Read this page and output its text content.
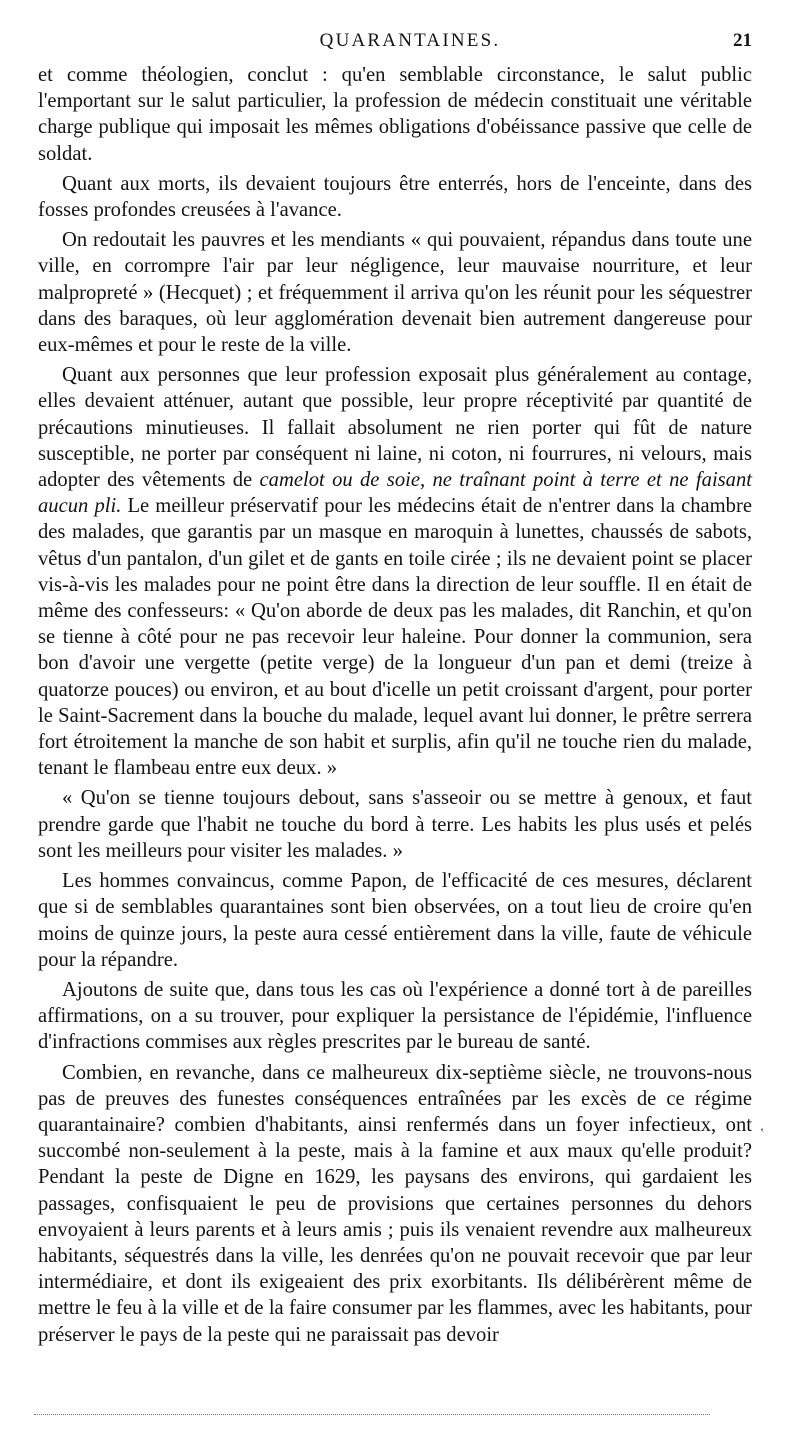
QUARANTAINES.	21

et comme théologien, conclut : qu'en semblable circonstance, le salut public l'emportant sur le salut particulier, la profession de médecin constituait une véritable charge publique qui imposait les mêmes obligations d'obéissance passive que celle de soldat.

Quant aux morts, ils devaient toujours être enterrés, hors de l'enceinte, dans des fosses profondes creusées à l'avance.

On redoutait les pauvres et les mendiants « qui pouvaient, répandus dans toute une ville, en corrompre l'air par leur négligence, leur mauvaise nourriture, et leur malpropreté » (Hecquet) ; et fréquemment il arriva qu'on les réunit pour les séquestrer dans des baraques, où leur agglomération devenait bien autrement dangereuse pour eux-mêmes et pour le reste de la ville.

Quant aux personnes que leur profession exposait plus généralement au contage, elles devaient atténuer, autant que possible, leur propre réceptivité par quantité de précautions minutieuses. Il fallait absolument ne rien porter qui fût de nature susceptible, ne porter par conséquent ni laine, ni coton, ni fourrures, ni velours, mais adopter des vêtements de camelot ou de soie, ne traînant point à terre et ne faisant aucun pli. Le meilleur préservatif pour les médecins était de n'entrer dans la chambre des malades, que garantis par un masque en maroquin à lunettes, chaussés de sabots, vêtus d'un pantalon, d'un gilet et de gants en toile cirée ; ils ne devaient point se placer vis-à-vis les malades pour ne point être dans la direction de leur souffle. Il en était de même des confesseurs: « Qu'on aborde de deux pas les malades, dit Ranchin, et qu'on se tienne à côté pour ne pas recevoir leur haleine. Pour donner la communion, sera bon d'avoir une vergette (petite verge) de la longueur d'un pan et demi (treize à quatorze pouces) ou environ, et au bout d'icelle un petit croissant d'argent, pour porter le Saint-Sacrement dans la bouche du malade, lequel avant lui donner, le prêtre serrera fort étroitement la manche de son habit et surplis, afin qu'il ne touche rien du malade, tenant le flambeau entre eux deux. »

« Qu'on se tienne toujours debout, sans s'asseoir ou se mettre à genoux, et faut prendre garde que l'habit ne touche du bord à terre. Les habits les plus usés et pelés sont les meilleurs pour visiter les malades. »

Les hommes convaincus, comme Papon, de l'efficacité de ces mesures, déclarent que si de semblables quarantaines sont bien observées, on a tout lieu de croire qu'en moins de quinze jours, la peste aura cessé entièrement dans la ville, faute de véhicule pour la répandre.

Ajoutons de suite que, dans tous les cas où l'expérience a donné tort à de pareilles affirmations, on a su trouver, pour expliquer la persistance de l'épidémie, l'influence d'infractions commises aux règles prescrites par le bureau de santé.

Combien, en revanche, dans ce malheureux dix-septième siècle, ne trouvons-nous pas de preuves des funestes conséquences entraînées par les excès de ce régime quarantainaire? combien d'habitants, ainsi renfermés dans un foyer infectieux, ont succombé non-seulement à la peste, mais à la famine et aux maux qu'elle produit? Pendant la peste de Digne en 1629, les paysans des environs, qui gardaient les passages, confisquaient le peu de provisions que certaines personnes du dehors envoyaient à leurs parents et à leurs amis ; puis ils venaient revendre aux malheureux habitants, séquestrés dans la ville, les denrées qu'on ne pouvait recevoir que par leur intermédiaire, et dont ils exigeaient des prix exorbitants. Ils délibérèrent même de mettre le feu à la ville et de la faire consumer par les flammes, avec les habitants, pour préserver le pays de la peste qui ne paraissait pas devoir

‛
